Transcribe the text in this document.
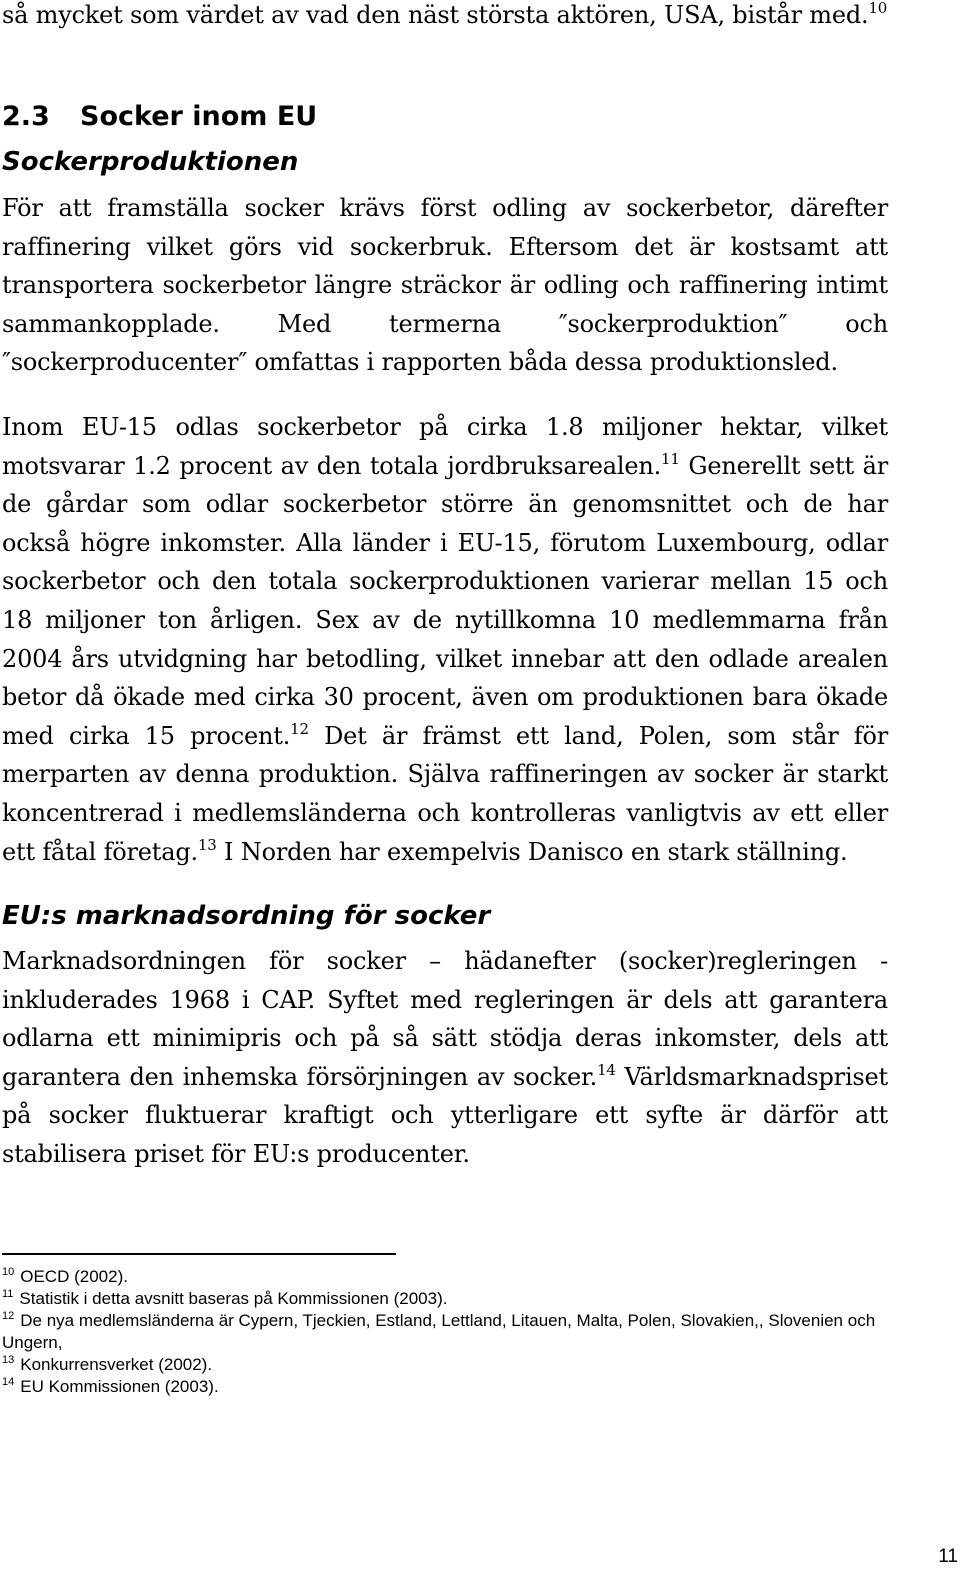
så mycket som värdet av vad den näst största aktören, USA, bistår med.$^{10}$

2.3 Socker inom EU
Sockerproduktionen

För att framställa socker krävs först odling av sockerbetor, därefter raffinering vilket görs vid sockerbruk. Eftersom det är kostsamt att transportera sockerbetor längre sträckor är odling och raffinering intimt sammankopplade. Med termerna ″sockerproduktion″ och ″sockerproducenter″ omfattas i rapporten båda dessa produktionsled.

Inom EU-15 odlas sockerbetor på cirka 1.8 miljoner hektar, vilket motsvarar 1.2 procent av den totala jordbruksarealen.$^{11}$ Generellt sett är de gårdar som odlar sockerbetor större än genomsnittet och de har också högre inkomster. Alla länder i EU-15, förutom Luxembourg, odlar sockerbetor och den totala sockerproduktionen varierar mellan 15 och 18 miljoner ton årligen. Sex av de nytillkomna 10 medlemmarna från 2004 års utvidgning har betodling, vilket innebar att den odlade arealen betor då ökade med cirka 30 procent, även om produktionen bara ökade med cirka 15 procent.$^{12}$ Det är främst ett land, Polen, som står för merparten av denna produktion. Själva raffineringen av socker är starkt koncentrerad i medlemsländerna och kontrolleras vanligtvis av ett eller ett fåtal företag.$^{13}$ I Norden har exempelvis Danisco en stark ställning.

EU:s marknadsordning för socker

Marknadsordningen för socker – hädanefter (socker)regleringen - inkluderades 1968 i CAP. Syftet med regleringen är dels att garantera odlarna ett minimipris och på så sätt stödja deras inkomster, dels att garantera den inhemska försörjningen av socker.$^{14}$ Världsmarknadspriset på socker fluktuerar kraftigt och ytterligare ett syfte är därför att stabilisera priset för EU:s producenter.

$^{10}$ OECD (2002).

$^{11}$ Statistik i detta avsnitt baseras på Kommissionen (2003).

$^{12}$ De nya medlemsländerna är Cypern, Tjeckien, Estland, Lettland, Litauen, Malta, Polen, Slovakien,, Slovenien och Ungern,

$^{13}$ Konkurrensverket (2002).

$^{14}$ EU Kommissionen (2003).

11
